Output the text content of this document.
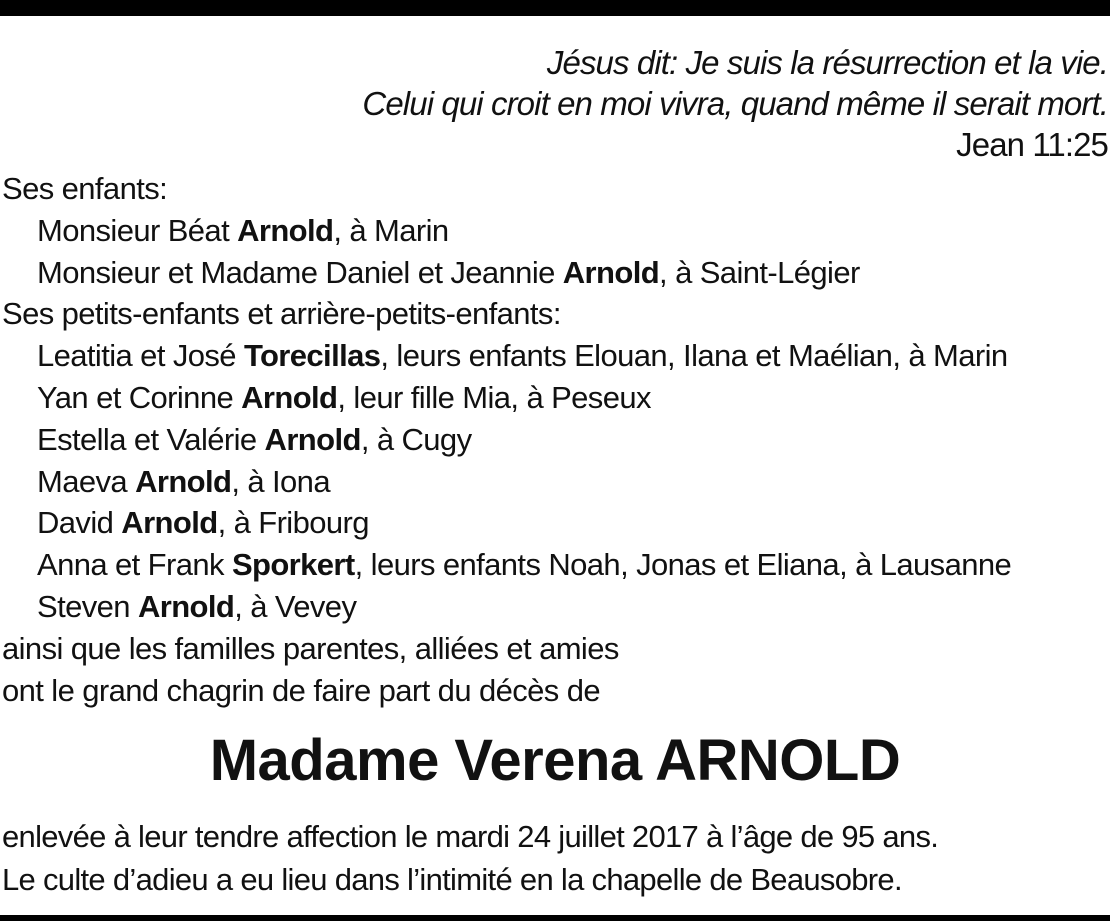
Jésus dit: Je suis la résurrection et la vie.
Celui qui croit en moi vivra, quand même il serait mort.
Jean 11:25
Ses enfants:
Monsieur Béat Arnold, à Marin
Monsieur et Madame Daniel et Jeannie Arnold, à Saint-Légier
Ses petits-enfants et arrière-petits-enfants:
Leatitia et José Torecillas, leurs enfants Elouan, Ilana et Maélian, à Marin
Yan et Corinne Arnold, leur fille Mia, à Peseux
Estella et Valérie Arnold, à Cugy
Maeva Arnold, à Iona
David Arnold, à Fribourg
Anna et Frank Sporkert, leurs enfants Noah, Jonas et Eliana, à Lausanne
Steven Arnold, à Vevey
ainsi que les familles parentes, alliées et amies
ont le grand chagrin de faire part du décès de
Madame Verena ARNOLD
enlevée à leur tendre affection le mardi 24 juillet 2017 à l’âge de 95 ans.
Le culte d’adieu a eu lieu dans l’intimité en la chapelle de Beausobre.
